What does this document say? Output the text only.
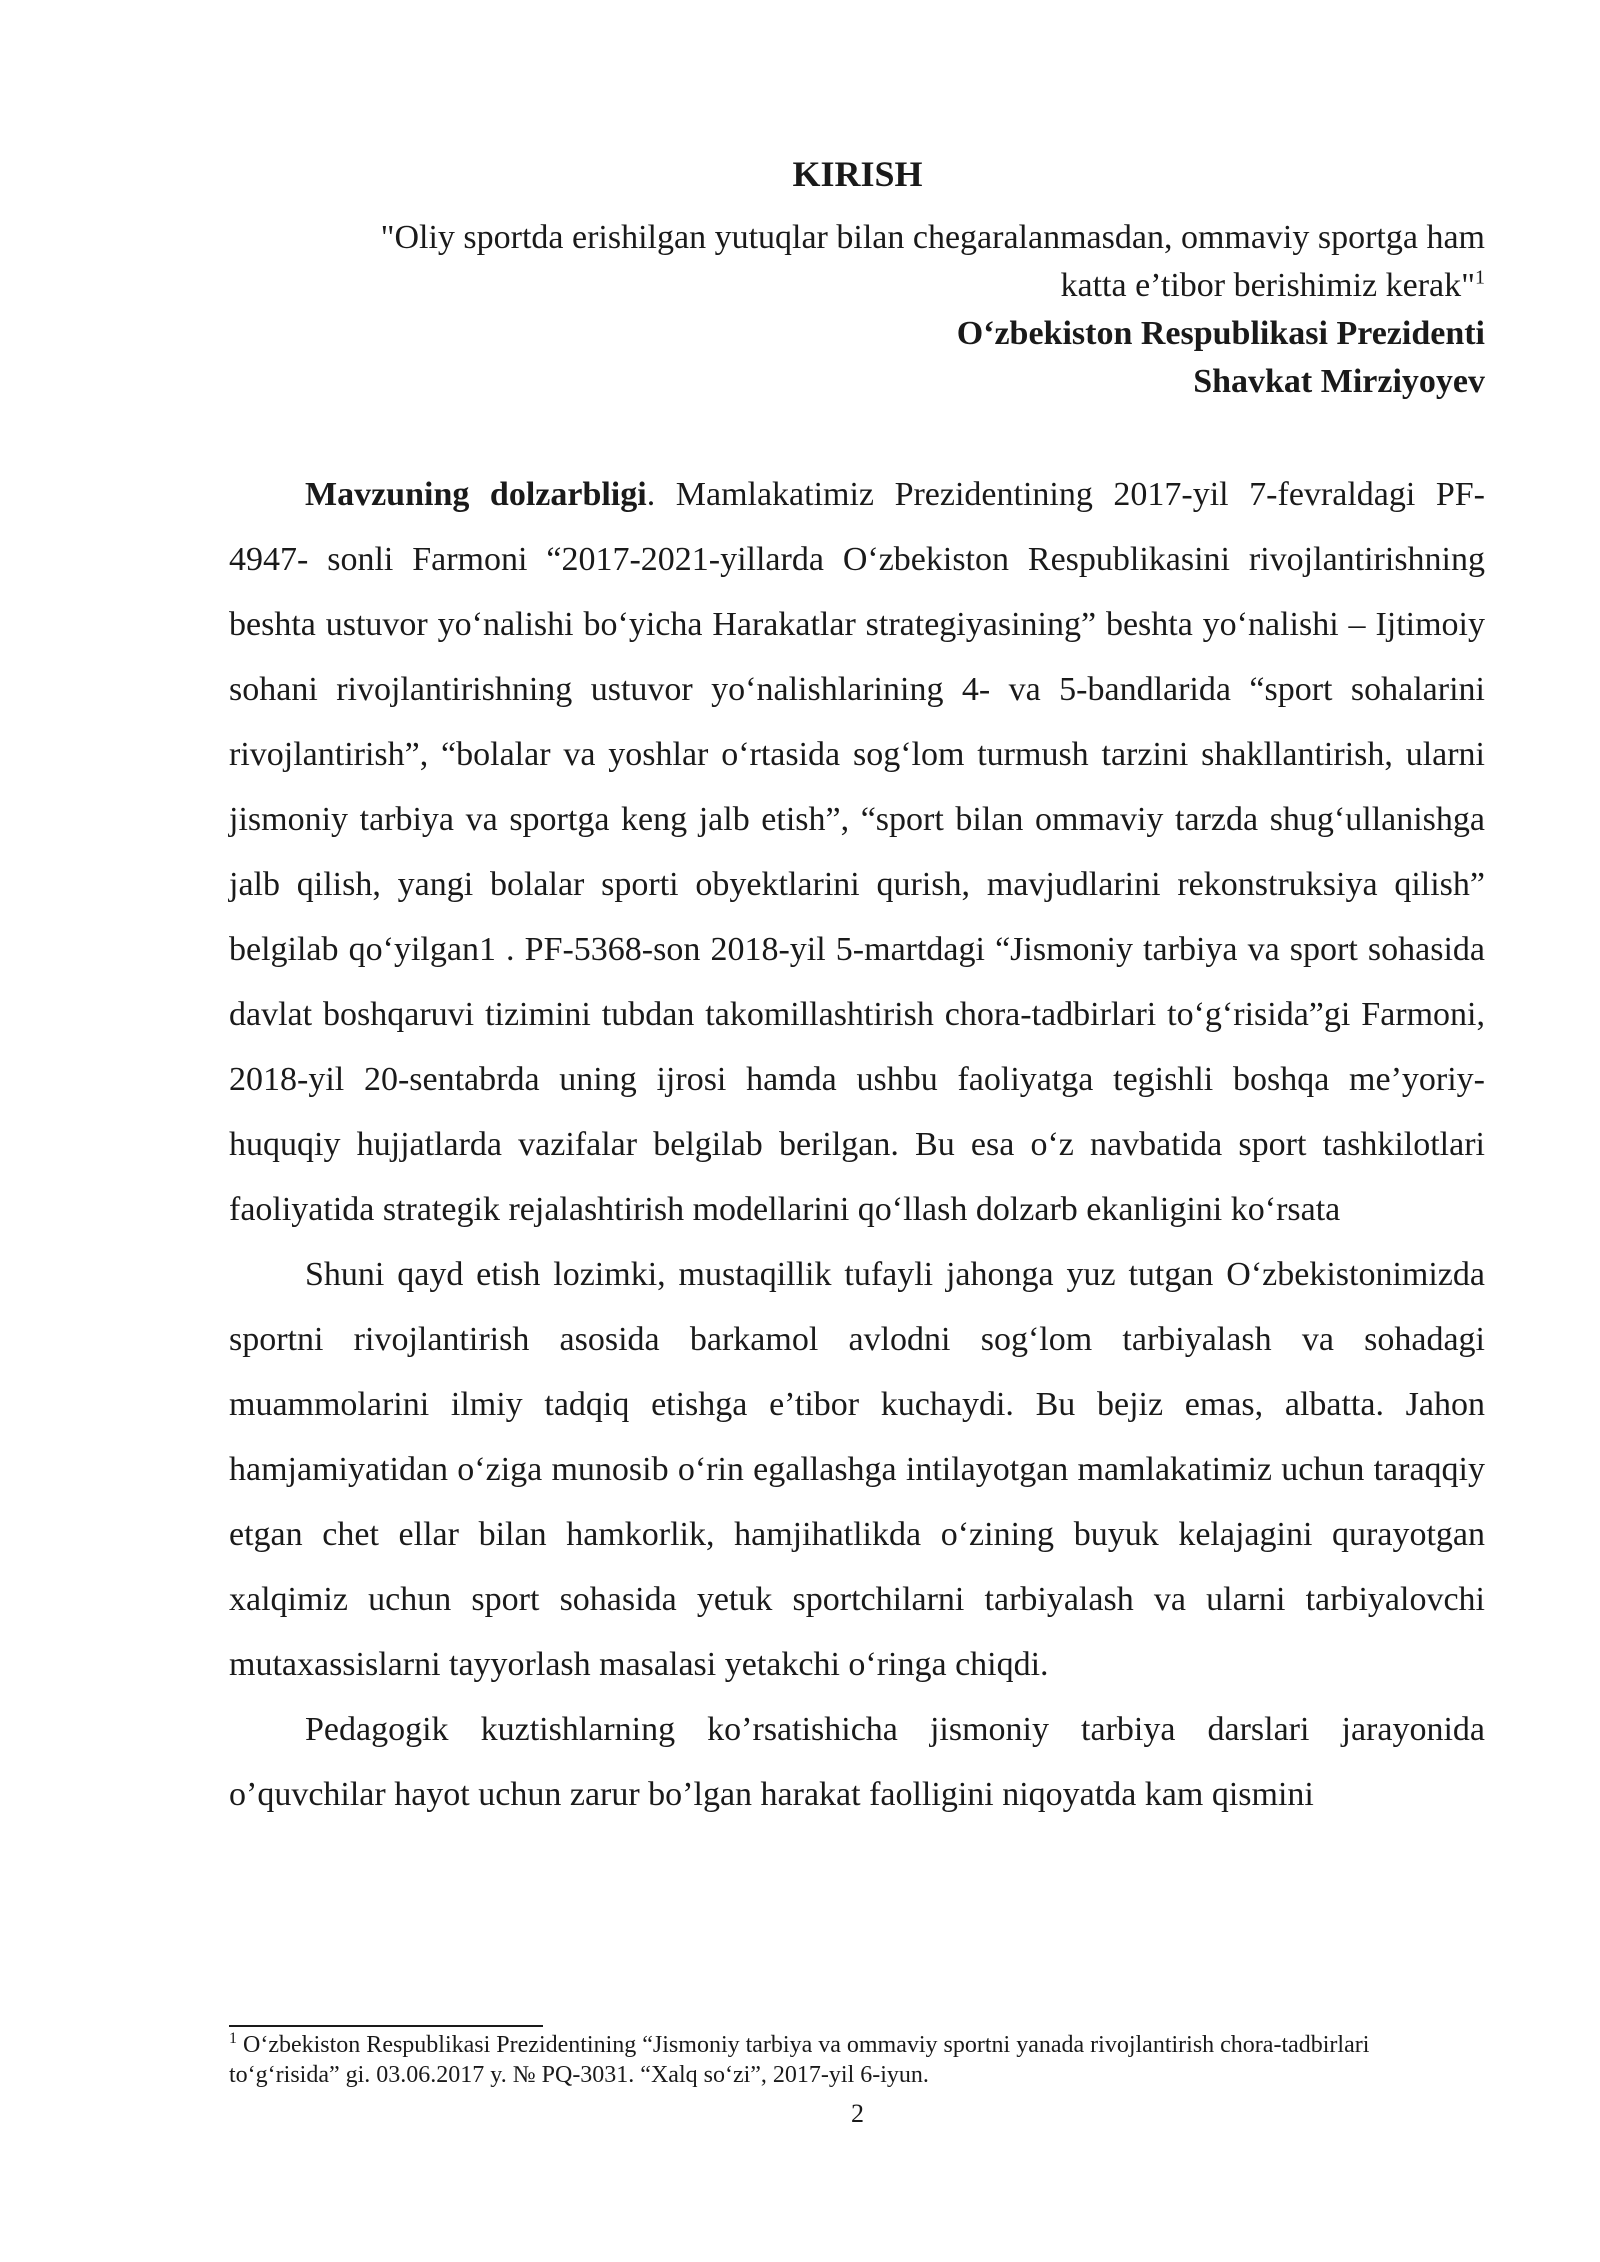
KIRISH
"Oliy sportda erishilgan yutuqlar bilan chegaralanmasdan, ommaviy sportga ham
katta e’tibor berishimiz kerak"$^1$
O‘zbekiston Respublikasi Prezidenti
Shavkat Mirziyoyev

Mavzuning dolzarbligi. Mamlakatimiz Prezidentining 2017-yil 7-fevraldagi PF-4947- sonli Farmoni “2017-2021-yillarda O‘zbekiston Respublikasini rivojlantirishning beshta ustuvor yo‘nalishi bo‘yicha Harakatlar strategiyasining” beshta yo‘nalishi – Ijtimoiy sohani rivojlantirishning ustuvor yo‘nalishlarining 4- va 5-bandlarida “sport sohalarini rivojlantirish”, “bolalar va yoshlar o‘rtasida sog‘lom turmush tarzini shakllantirish, ularni jismoniy tarbiya va sportga keng jalb etish”, “sport bilan ommaviy tarzda shug‘ullanishga jalb qilish, yangi bolalar sporti obyektlarini qurish, mavjudlarini rekonstruksiya qilish” belgilab qo‘yilgan1 . PF-5368-son 2018-yil 5-martdagi “Jismoniy tarbiya va sport sohasida davlat boshqaruvi tizimini tubdan takomillashtirish chora-tadbirlari to‘g‘risida”gi Farmoni, 2018-yil 20-sentabrda uning ijrosi hamda ushbu faoliyatga tegishli boshqa me’yoriy-huquqiy hujjatlarda vazifalar belgilab berilgan. Bu esa o‘z navbatida sport tashkilotlari faoliyatida strategik rejalashtirish modellarini qo‘llash dolzarb ekanligini ko‘rsata

Shuni qayd etish lozimki, mustaqillik tufayli jahonga yuz tutgan O‘zbekistonimizda sportni rivojlantirish asosida barkamol avlodni sog‘lom tarbiyalash va sohadagi muammolarini ilmiy tadqiq etishga e’tibor kuchaydi. Bu bejiz emas, albatta. Jahon hamjamiyatidan o‘ziga munosib o‘rin egallashga intilayotgan mamlakatimiz uchun taraqqiy etgan chet ellar bilan hamkorlik, hamjihatlikda o‘zining buyuk kelajagini qurayotgan xalqimiz uchun sport sohasida yetuk sportchilarni tarbiyalash va ularni tarbiyalovchi mutaxassislarni tayyorlash masalasi yetakchi o‘ringa chiqdi.

Pedagogik kuztishlarning ko’rsatishicha jismoniy tarbiya darslari jarayonida o’quvchilar hayot uchun zarur bo’lgan harakat faolligini niqoyatda kam qismini

$^1$ O‘zbekiston Respublikasi Prezidentining “Jismoniy tarbiya va ommaviy sportni yanada rivojlantirish chora-tadbirlari to‘g‘risida” gi. 03.06.2017 y. № PQ-3031. “Xalq so‘zi”, 2017-yil 6-iyun.

2
